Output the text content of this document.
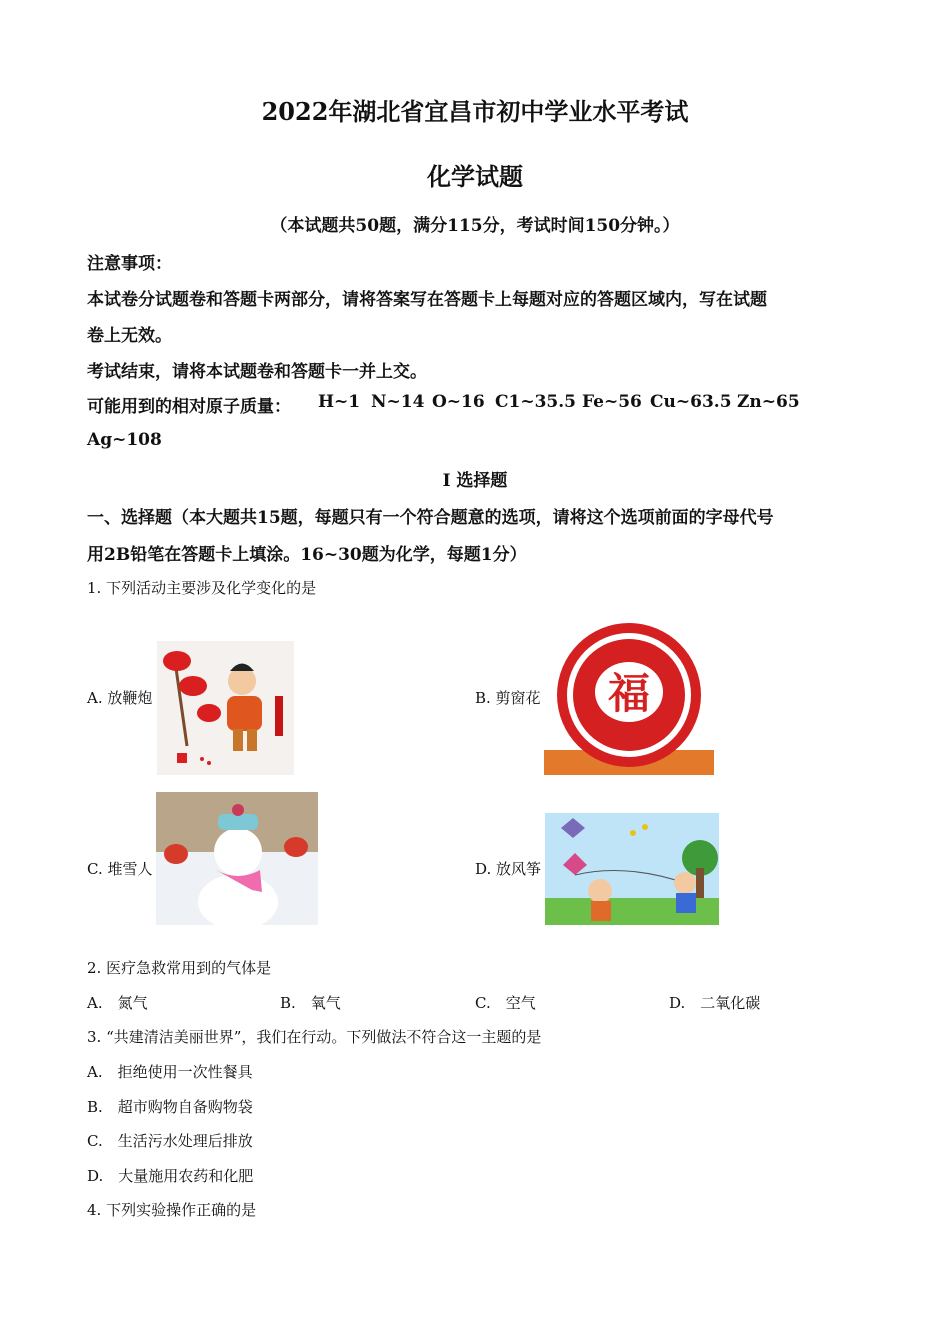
2022年湖北省宜昌市初中学业水平考试
化学试题
（本试题共50题，满分115分，考试时间150分钟。）
注意事项：
本试卷分试题卷和答题卡两部分，请将答案写在答题卡上每题对应的答题区域内，写在试题
卷上无效。
考试结束，请将本试题卷和答题卡一并上交。
可能用到的相对原子质量： H~1 N~14 O~16 C1~35.5 Fe~56 Cu~63.5 Zn~65
Ag~108
I 选择题
一、选择题（本大题共15题，每题只有一个符合题意的选项，请将这个选项前面的字母代号
用2B铅笔在答题卡上填涂。16~30题为化学，每题1分）
1. 下列活动主要涉及化学变化的是
A. 放鞭炮	B. 剪窗花
C. 堆雪人	D. 放风筝
福
2. 医疗急救常用到的气体是
A.　氮气	B.　氧气	C.　空气	D.　二氧化碳
3. “共建清洁美丽世界”，我们在行动。下列做法不符合这一主题的是
A.　拒绝使用一次性餐具
B.　超市购物自备购物袋
C.　生活污水处理后排放
D.　大量施用农药和化肥
4. 下列实验操作正确的是
